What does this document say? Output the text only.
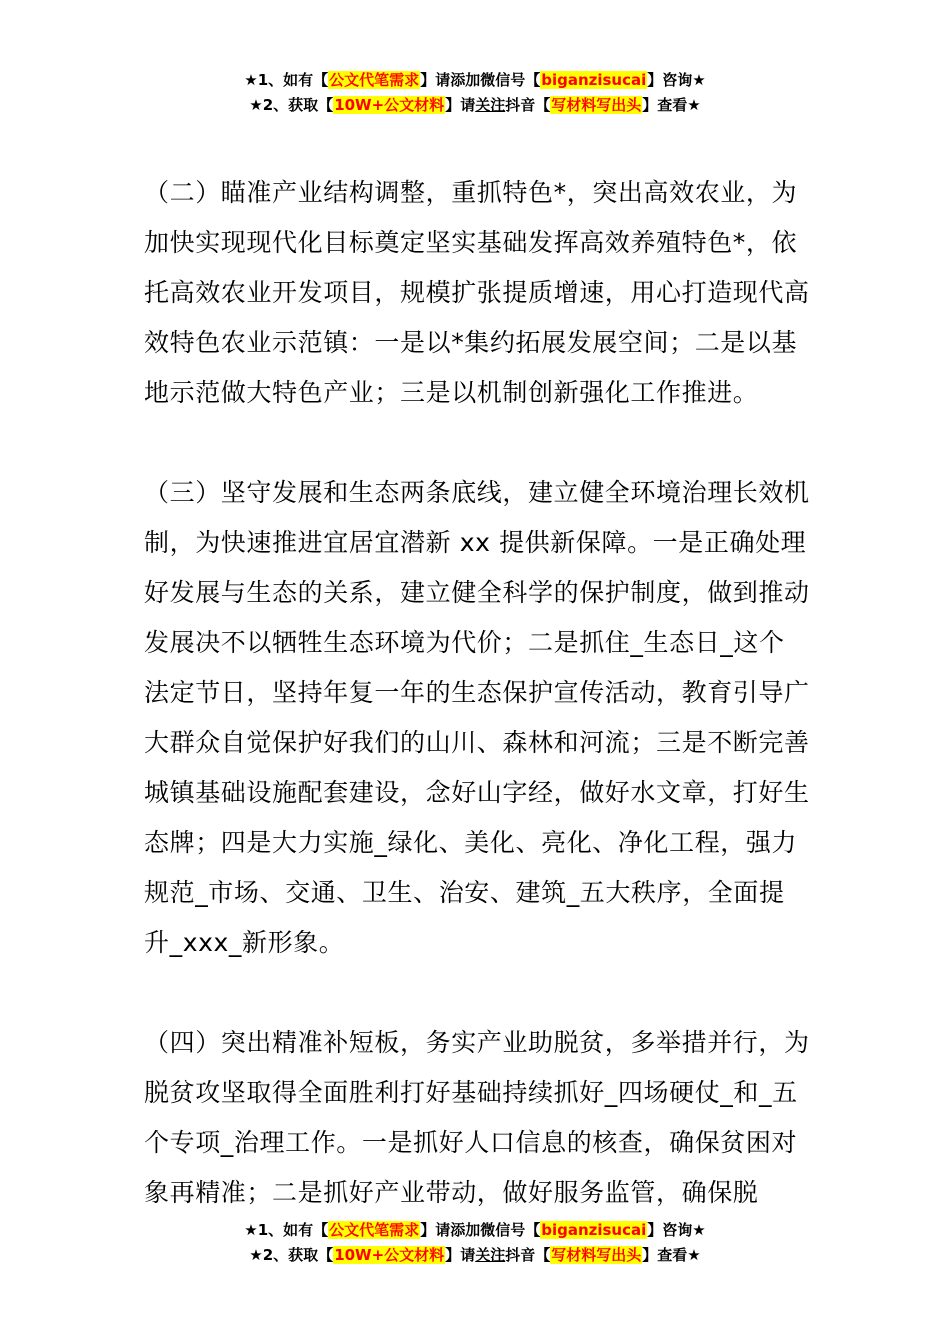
★1、如有【公文代笔需求】请添加微信号【biganzisucai】咨询★
★2、获取【10W+公文材料】请关注抖音【写材料写出头】查看★

（二）瞄准产业结构调整，重抓特色*，突出高效农业，为加快实现现代化目标奠定坚实基础发挥高效养殖特色*，依托高效农业开发项目，规模扩张提质增速，用心打造现代高效特色农业示范镇：一是以*集约拓展发展空间；二是以基地示范做大特色产业；三是以机制创新强化工作推进。

（三）坚守发展和生态两条底线，建立健全环境治理长效机制，为快速推进宜居宜潜新 xx 提供新保障。一是正确处理好发展与生态的关系，建立健全科学的保护制度，做到推动发展决不以牺牲生态环境为代价；二是抓住_生态日_这个法定节日，坚持年复一年的生态保护宣传活动，教育引导广大群众自觉保护好我们的山川、森林和河流；三是不断完善城镇基础设施配套建设，念好山字经，做好水文章，打好生态牌；四是大力实施_绿化、美化、亮化、净化工程，强力规范_市场、交通、卫生、治安、建筑_五大秩序，全面提升_xxx_新形象。

（四）突出精准补短板，务实产业助脱贫，多举措并行，为脱贫攻坚取得全面胜利打好基础持续抓好_四场硬仗_和_五个专项_治理工作。一是抓好人口信息的核查，确保贫困对象再精准；二是抓好产业带动，做好服务监管，确保脱

★1、如有【公文代笔需求】请添加微信号【biganzisucai】咨询★
★2、获取【10W+公文材料】请关注抖音【写材料写出头】查看★
